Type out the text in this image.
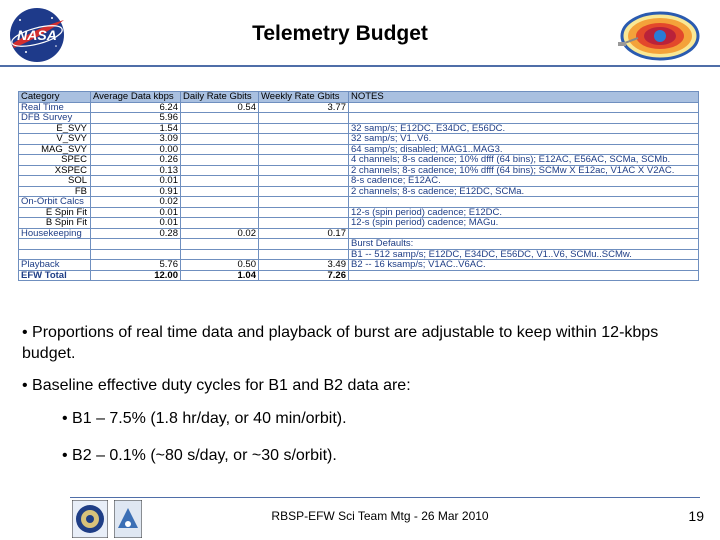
NASA	Telemetry Budget
Category	Average Data kbps	Daily Rate Gbits	Weekly Rate Gbits	NOTES
Real Time	6.24	0.54	3.77	
DFB Survey	5.96			
E_SVY	1.54			32 samp/s; E12DC, E34DC, E56DC.
V_SVY	3.09			32 samp/s; V1..V6.
MAG_SVY	0.00			64 samp/s; disabled; MAG1..MAG3.
SPEC	0.26			4 channels; 8-s cadence; 10% dfff (64 bins); E12AC, E56AC, SCMa, SCMb.
XSPEC	0.13			2 channels; 8-s cadence; 10% dfff (64 bins); SCMw X E12ac, V1AC X V2AC.
SOL	0.01			8-s cadence; E12AC.
FB	0.91			2 channels; 8-s cadence; E12DC, SCMa.
On-Orbit Calcs	0.02			
E Spin Fit	0.01			12-s (spin period) cadence; E12DC.
B Spin Fit	0.01			12-s (spin period) cadence; MAGu.
Housekeeping	0.28	0.02	0.17	
				Burst Defaults:
				B1 -- 512 samp/s; E12DC, E34DC, E56DC, V1..V6, SCMu..SCMw.
Playback	5.76	0.50	3.49	B2 -- 16 ksamp/s; V1AC..V6AC.
EFW Total	12.00	1.04	7.26	
• Proportions of real time data and playback of burst are adjustable to keep within 12-kbps budget.
• Baseline effective duty cycles for B1 and B2 data are:
• B1 – 7.5% (1.8 hr/day, or 40 min/orbit).
• B2 – 0.1% (~80 s/day, or ~30 s/orbit).
RBSP-EFW Sci Team Mtg - 26 Mar 2010	19
